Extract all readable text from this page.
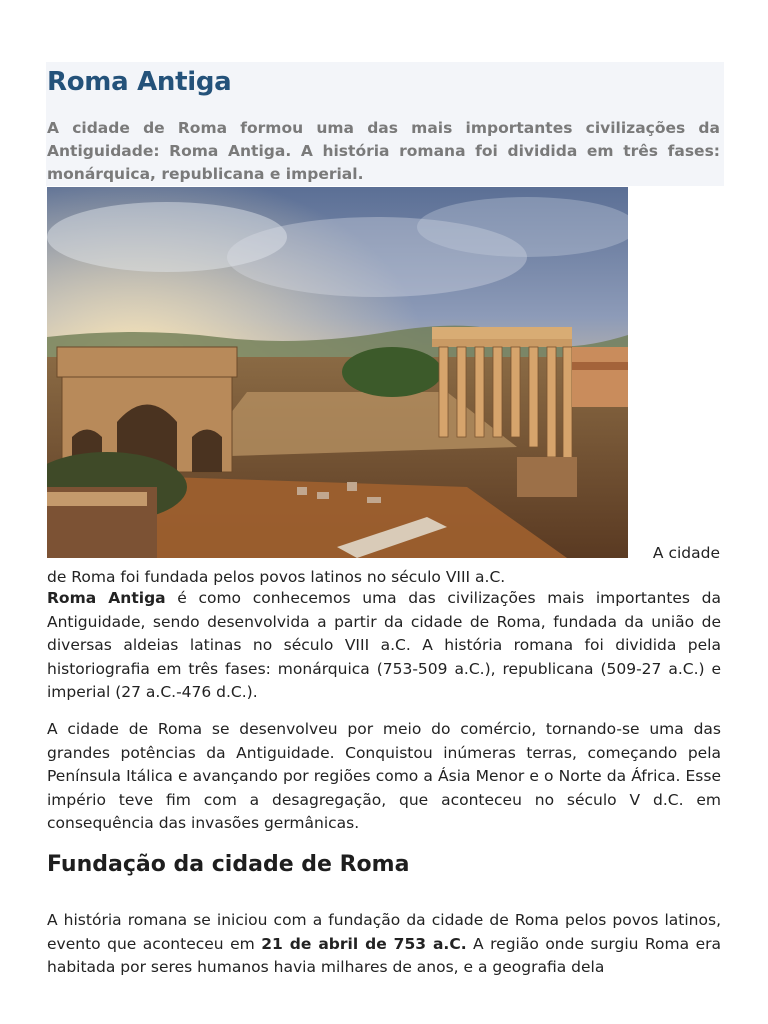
Roma Antiga

A cidade de Roma formou uma das mais importantes civilizações da Antiguidade: Roma Antiga. A história romana foi dividida em três fases: monárquica, republicana e imperial.

A cidade

de Roma foi fundada pelos povos latinos no século VIII a.C.

Roma Antiga é como conhecemos uma das civilizações mais importantes da Antiguidade, sendo desenvolvida a partir da cidade de Roma, fundada da união de diversas aldeias latinas no século VIII a.C. A história romana foi dividida pela historiografia em três fases: monárquica (753-509 a.C.), republicana (509-27 a.C.) e imperial (27 a.C.-476 d.C.).

A cidade de Roma se desenvolveu por meio do comércio, tornando-se uma das grandes potências da Antiguidade. Conquistou inúmeras terras, começando pela Península Itálica e avançando por regiões como a Ásia Menor e o Norte da África. Esse império teve fim com a desagregação, que aconteceu no século V d.C. em consequência das invasões germânicas.

Fundação da cidade de Roma

A história romana se iniciou com a fundação da cidade de Roma pelos povos latinos, evento que aconteceu em 21 de abril de 753 a.C. A região onde surgiu Roma era habitada por seres humanos havia milhares de anos, e a geografia dela
